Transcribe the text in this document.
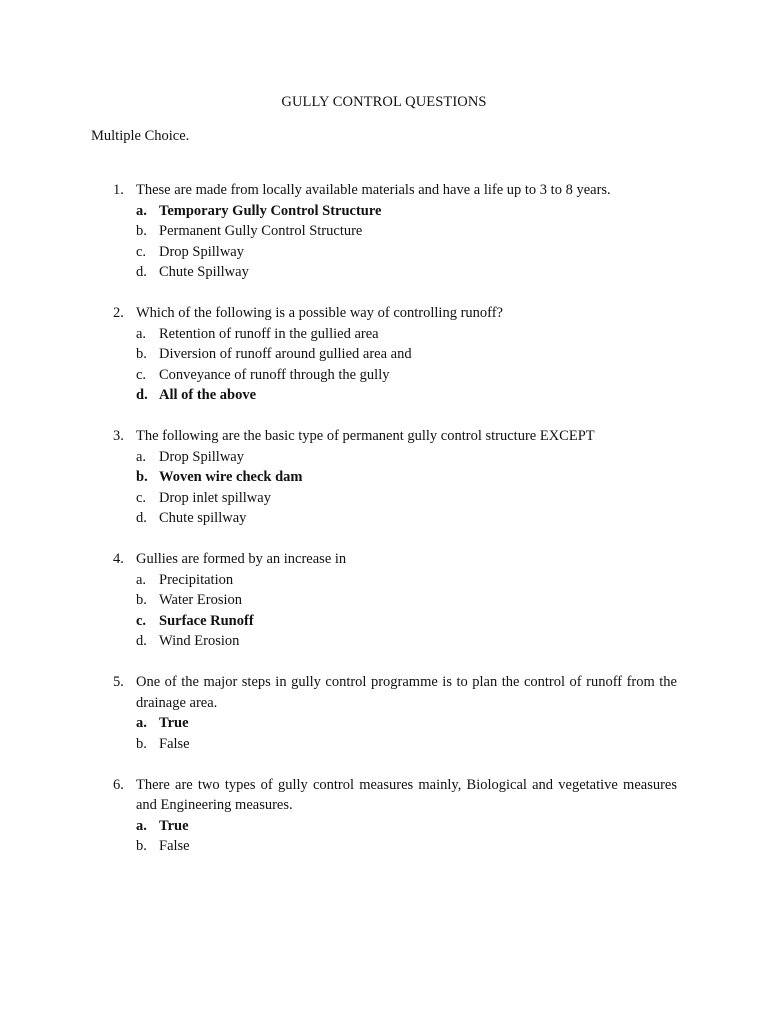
GULLY CONTROL QUESTIONS
Multiple Choice.
1. These are made from locally available materials and have a life up to 3 to 8 years.
a. Temporary Gully Control Structure
b. Permanent Gully Control Structure
c. Drop Spillway
d. Chute Spillway
2. Which of the following is a possible way of controlling runoff?
a. Retention of runoff in the gullied area
b. Diversion of runoff around gullied area and
c. Conveyance of runoff through the gully
d. All of the above
3. The following are the basic type of permanent gully control structure EXCEPT
a. Drop Spillway
b. Woven wire check dam
c. Drop inlet spillway
d. Chute spillway
4. Gullies are formed by an increase in
a. Precipitation
b. Water Erosion
c. Surface Runoff
d. Wind Erosion
5. One of the major steps in gully control programme is to plan the control of runoff from the drainage area.
a. True
b. False
6. There are two types of gully control measures mainly, Biological and vegetative measures and Engineering measures.
a. True
b. False
